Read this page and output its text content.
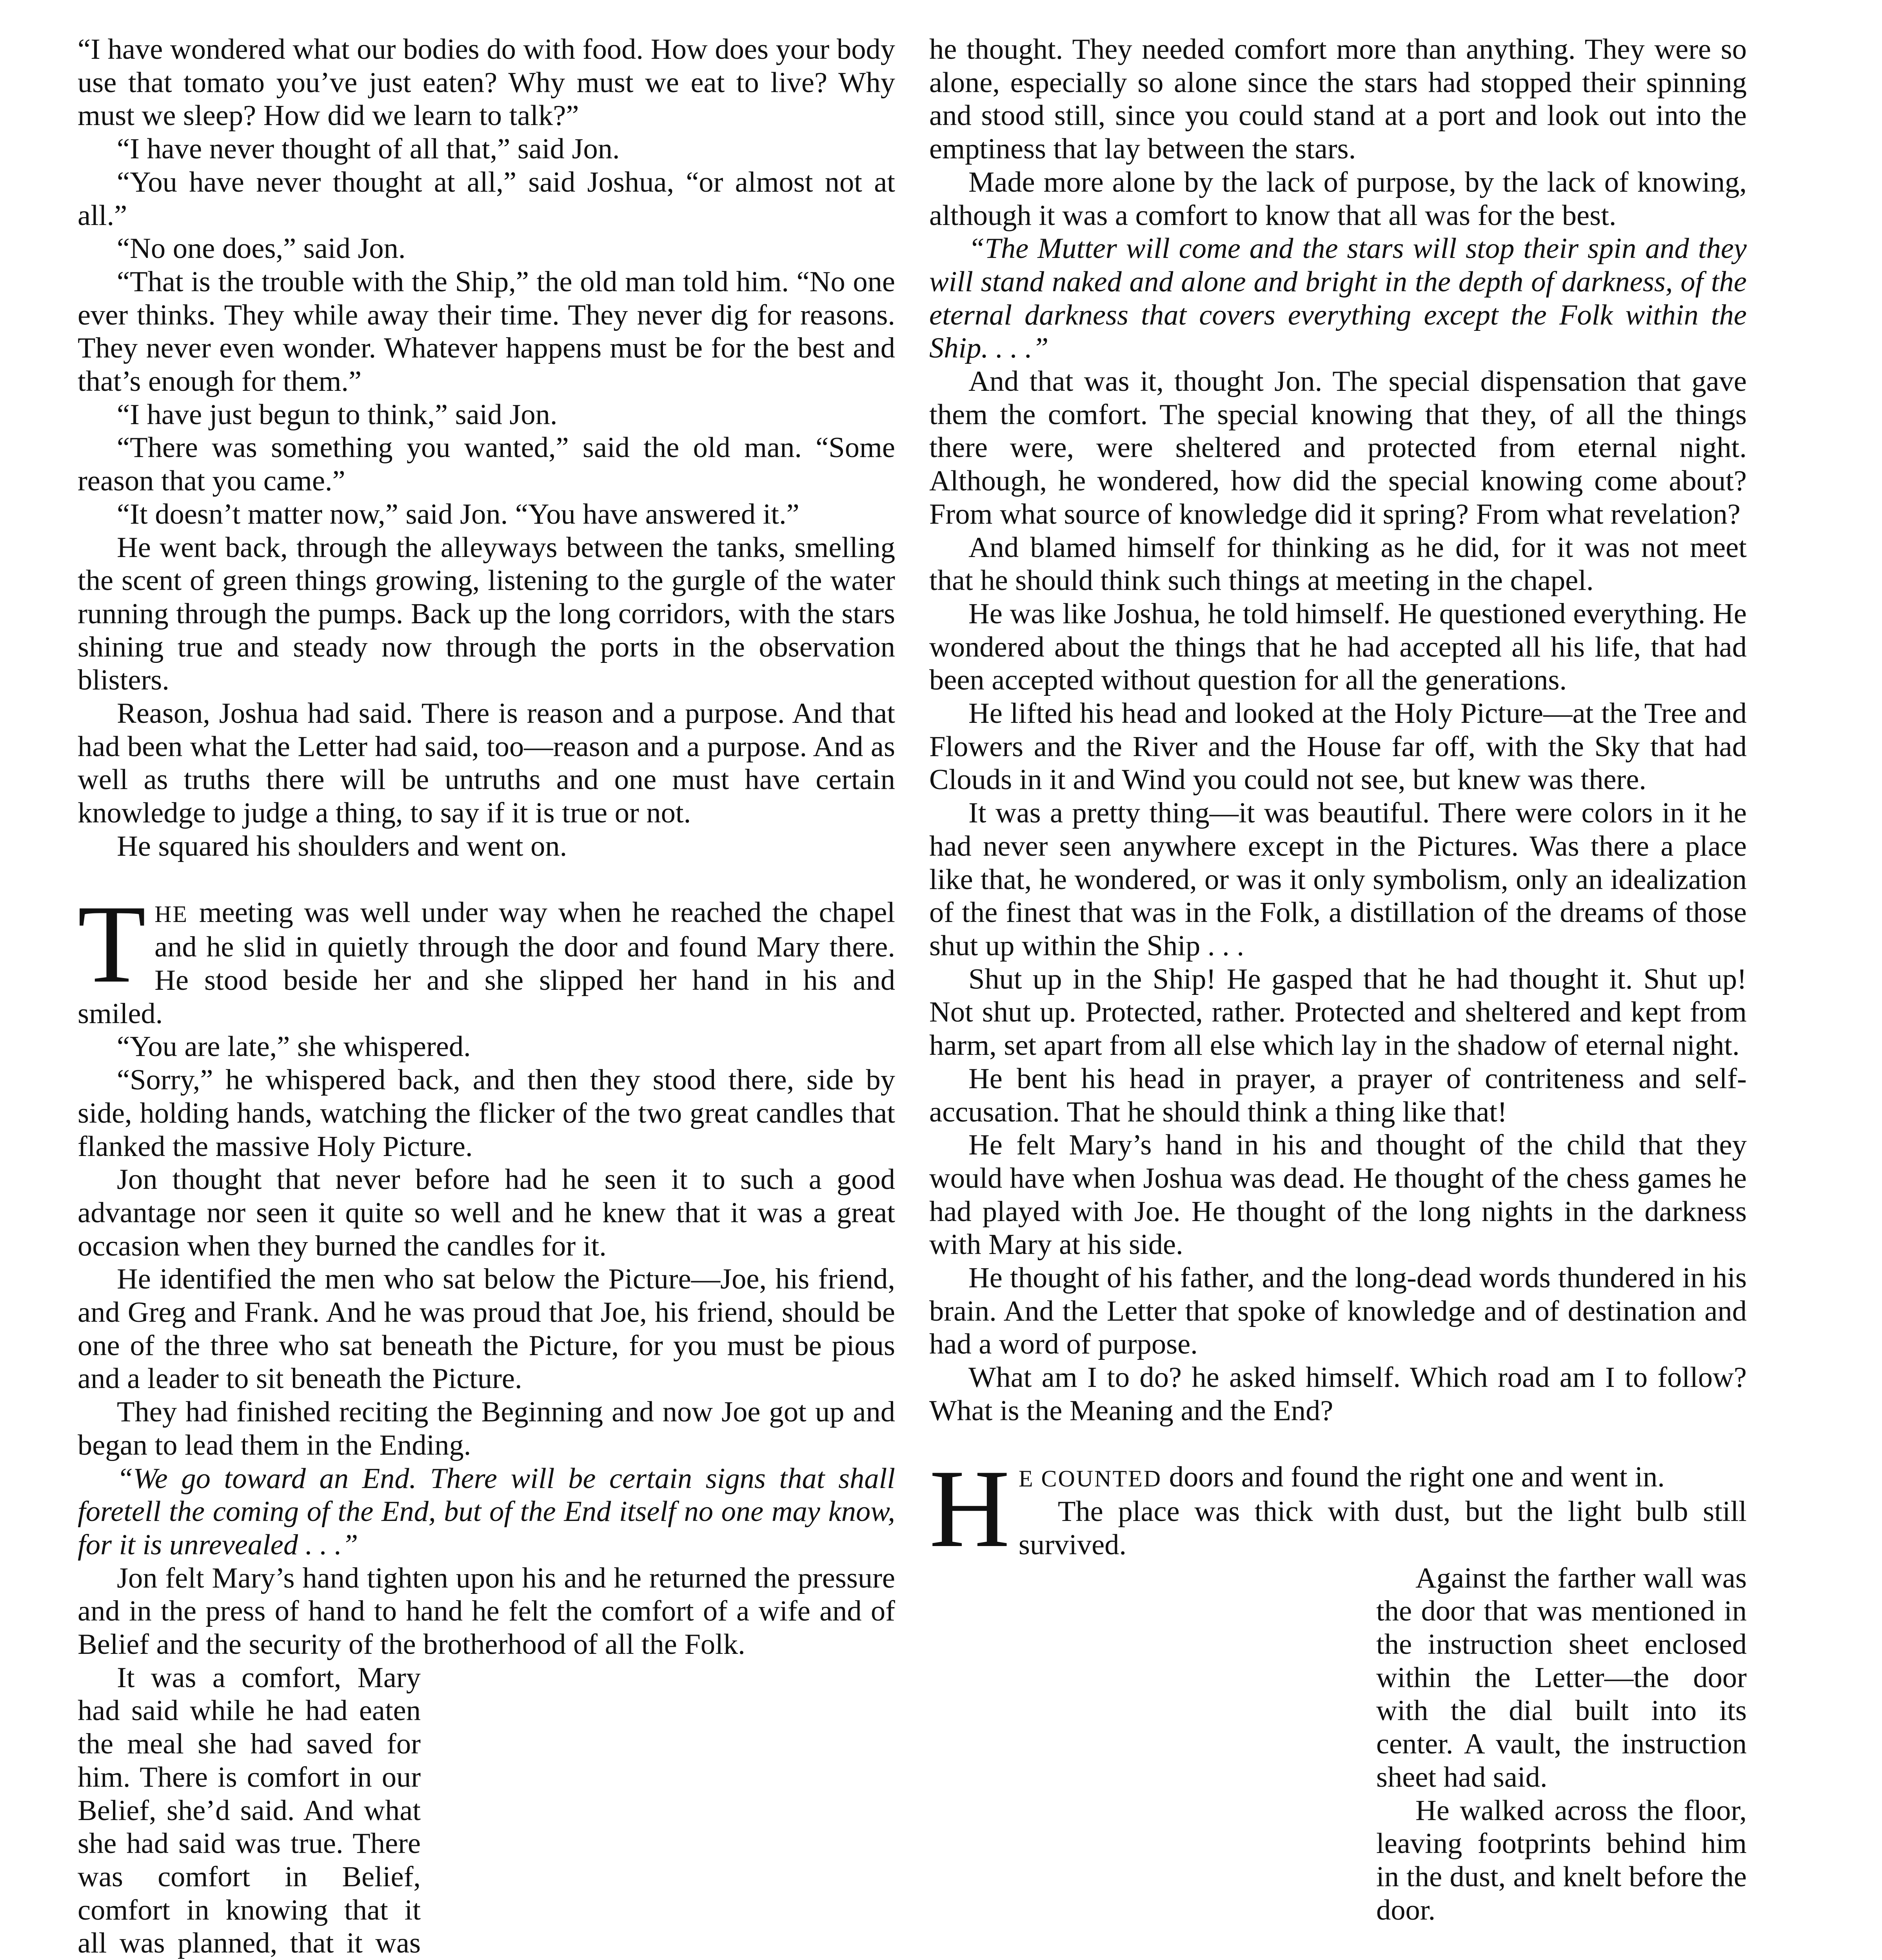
“I have wondered what our bodies do with food. How does your body use that tomato you’ve just eaten? Why must we eat to live? Why must we sleep? How did we learn to talk?”

“I have never thought of all that,” said Jon.

“You have never thought at all,” said Joshua, “or almost not at all.”

“No one does,” said Jon.

“That is the trouble with the Ship,” the old man told him. “No one ever thinks. They while away their time. They never dig for reasons. They never even wonder. Whatever happens must be for the best and that’s enough for them.”

“I have just begun to think,” said Jon.

“There was something you wanted,” said the old man. “Some reason that you came.”

“It doesn’t matter now,” said Jon. “You have answered it.”

He went back, through the alleyways between the tanks, smelling the scent of green things growing, listening to the gurgle of the water running through the pumps. Back up the long corridors, with the stars shining true and steady now through the ports in the observation blisters.

Reason, Joshua had said. There is reason and a purpose. And that had been what the Letter had said, too—reason and a purpose. And as well as truths there will be untruths and one must have certain knowledge to judge a thing, to say if it is true or not.

He squared his shoulders and went on.

THE meeting was well under way when he reached the chapel and he slid in quietly through the door and found Mary there. He stood beside her and she slipped her hand in his and smiled.

“You are late,” she whispered.

“Sorry,” he whispered back, and then they stood there, side by side, holding hands, watching the flicker of the two great candles that flanked the massive Holy Picture.

Jon thought that never before had he seen it to such a good advantage nor seen it quite so well and he knew that it was a great occasion when they burned the candles for it.

He identified the men who sat below the Picture—Joe, his friend, and Greg and Frank. And he was proud that Joe, his friend, should be one of the three who sat beneath the Picture, for you must be pious and a leader to sit beneath the Picture.

They had finished reciting the Beginning and now Joe got up and began to lead them in the Ending.

“We go toward an End. There will be certain signs that shall foretell the coming of the End, but of the End itself no one may know, for it is unrevealed . . .”

Jon felt Mary’s hand tighten upon his and he returned the pressure and in the press of hand to hand he felt the comfort of a wife and of Belief and the security of the brotherhood of all the Folk.

It was a comfort, Mary had said while he had eaten the meal she had saved for him. There is comfort in our Belief, she’d said. And what she had said was true. There was comfort in Belief, comfort in knowing that it all was planned, that it was

he thought. They needed comfort more than anything. They were so alone, especially so alone since the stars had stopped their spinning and stood still, since you could stand at a port and look out into the emptiness that lay between the stars.

Made more alone by the lack of purpose, by the lack of knowing, although it was a comfort to know that all was for the best.

“The Mutter will come and the stars will stop their spin and they will stand naked and alone and bright in the depth of darkness, of the eternal darkness that covers everything except the Folk within the Ship. . . .”

And that was it, thought Jon. The special dispensation that gave them the comfort. The special knowing that they, of all the things there were, were sheltered and protected from eternal night. Although, he wondered, how did the special knowing come about? From what source of knowledge did it spring? From what revelation?

And blamed himself for thinking as he did, for it was not meet that he should think such things at meeting in the chapel.

He was like Joshua, he told himself. He questioned everything. He wondered about the things that he had accepted all his life, that had been accepted without question for all the generations.

He lifted his head and looked at the Holy Picture—at the Tree and Flowers and the River and the House far off, with the Sky that had Clouds in it and Wind you could not see, but knew was there.

It was a pretty thing—it was beautiful. There were colors in it he had never seen anywhere except in the Pictures. Was there a place like that, he wondered, or was it only symbolism, only an idealization of the finest that was in the Folk, a distillation of the dreams of those shut up within the Ship . . .

Shut up in the Ship! He gasped that he had thought it. Shut up! Not shut up. Protected, rather. Protected and sheltered and kept from harm, set apart from all else which lay in the shadow of eternal night.

He bent his head in prayer, a prayer of contriteness and self-accusation. That he should think a thing like that!

He felt Mary’s hand in his and thought of the child that they would have when Joshua was dead. He thought of the chess games he had played with Joe. He thought of the long nights in the darkness with Mary at his side.

He thought of his father, and the long-dead words thundered in his brain. And the Letter that spoke of knowledge and of destination and had a word of purpose.

What am I to do? he asked himself. Which road am I to follow? What is the Meaning and the End?

H E COUNTED doors and found the right one and went in.

The place was thick with dust, but the light bulb still survived.

Against the farther wall was the door that was mentioned in the instruction sheet enclosed within the Letter—the door with the dial built into its center. A vault, the instruction sheet had said.

He walked across the floor, leaving footprints behind him in the dust, and knelt before the door.
